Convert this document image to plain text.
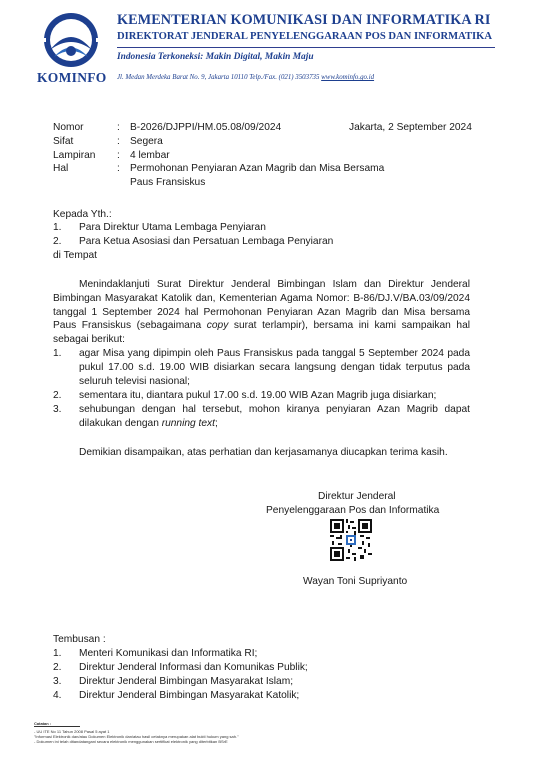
KOMINFO
KEMENTERIAN KOMUNIKASI DAN INFORMATIKA RI
DIREKTORAT JENDERAL PENYELENGGARAAN POS DAN INFORMATIKA
Indonesia Terkoneksi: Makin Digital, Makin Maju
Jl. Medan Merdeka Barat No. 9, Jakarta 10110 Telp./Fax. (021) 3503735 www.kominfo.go.id
Nomor	: B-2026/DJPPI/HM.05.08/09/2024	Jakarta, 2 September 2024
Sifat	: Segera
Lampiran : 4 lembar
Hal	: Permohonan Penyiaran Azan Magrib dan Misa Bersama
Paus Fransiskus
Kepada Yth.:
1. Para Direktur Utama Lembaga Penyiaran
2. Para Ketua Asosiasi dan Persatuan Lembaga Penyiaran
di Tempat
Menindaklanjuti Surat Direktur Jenderal Bimbingan Islam dan Direktur Jenderal
Bimbingan Masyarakat Katolik dan, Kementerian Agama Nomor: B-86/DJ.V/BA.03/09/2024
tanggal 1 September 2024 hal Permohonan Penyiaran Azan Magrib dan Misa bersama
Paus Fransiskus (sebagaimana copy surat terlampir), bersama ini kami sampaikan hal
sebagai berikut:
1. agar Misa yang dipimpin oleh Paus Fransiskus pada tanggal 5 September 2024 pada
pukul 17.00 s.d. 19.00 WIB disiarkan secara langsung dengan tidak terputus pada
seluruh televisi nasional;
2. sementara itu, diantara pukul 17.00 s.d. 19.00 WIB Azan Magrib juga disiarkan;
3. sehubungan dengan hal tersebut, mohon kiranya penyiaran Azan Magrib dapat
dilakukan dengan running text;
Demikian disampaikan, atas perhatian dan kerjasamanya diucapkan terima kasih.
Direktur Jenderal
Penyelenggaraan Pos dan Informatika
Wayan Toni Supriyanto
Tembusan :
1. Menteri Komunikasi dan Informatika RI;
2. Direktur Jenderal Informasi dan Komunikas Publik;
3. Direktur Jenderal Bimbingan Masyarakat Islam;
4. Direktur Jenderal Bimbingan Masyarakat Katolik;
Catatan :
- UU ITE No 11 Tahun 2008 Pasal 5 ayat 1
"Informasi Elektronik dan/atau Dokumen Elektronik dan/atau hasil cetaknya merupakan alat bukti hukum yang sah."
- Dokumen ini telah ditandatangani secara elektronik menggunakan sertifikat elektronik yang diterbitkan BSrE
